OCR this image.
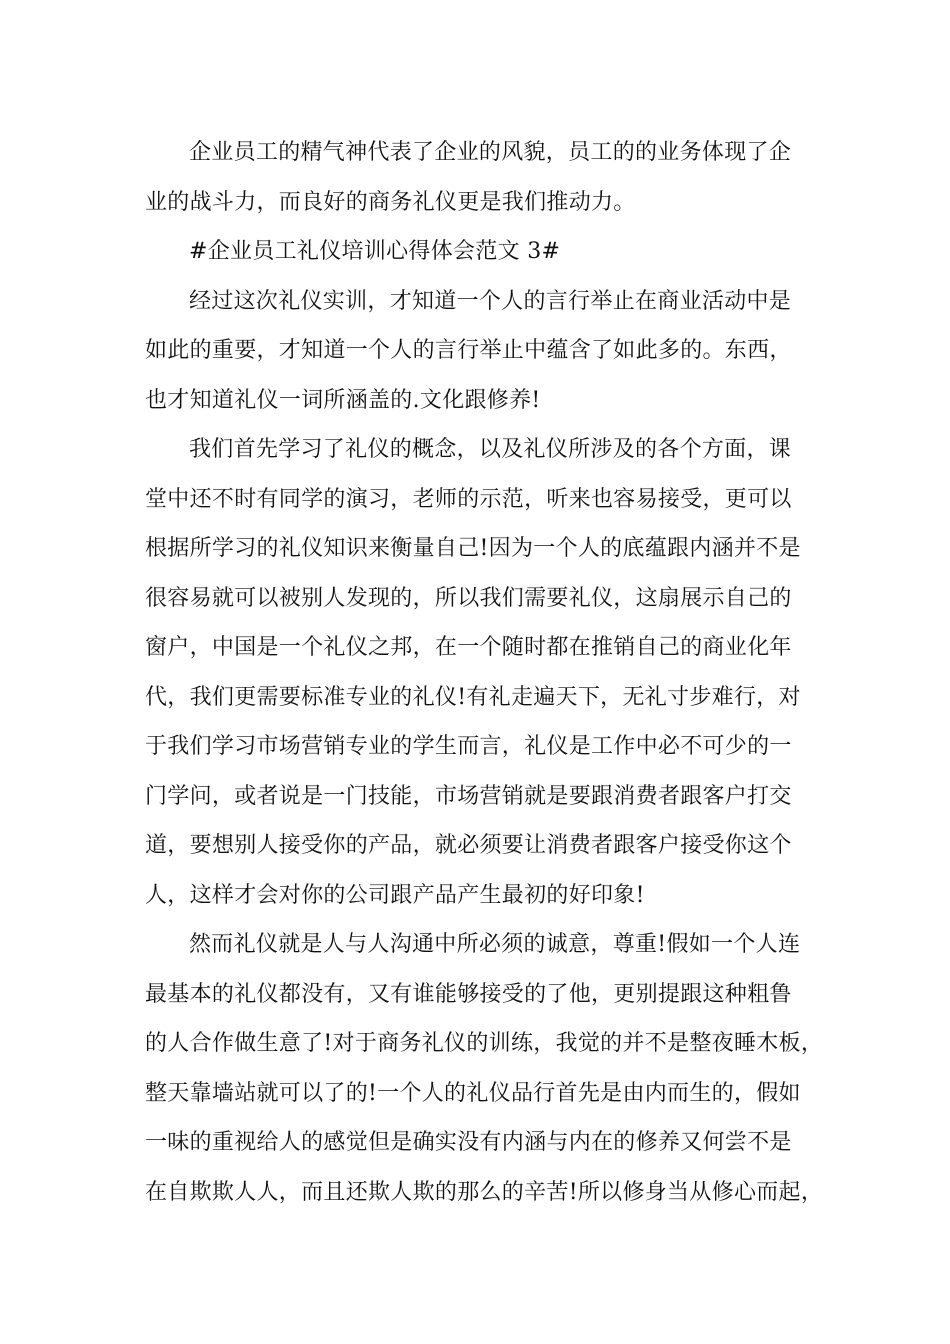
企业员工的精气神代表了企业的风貌，员工的的业务体现了企
业的战斗力，而良好的商务礼仪更是我们推动力。
#企业员工礼仪培训心得体会范文 3#
经过这次礼仪实训，才知道一个人的言行举止在商业活动中是
如此的重要，才知道一个人的言行举止中蕴含了如此多的。东西，
也才知道礼仪一词所涵盖的.文化跟修养!
我们首先学习了礼仪的概念，以及礼仪所涉及的各个方面，课
堂中还不时有同学的演习，老师的示范，听来也容易接受，更可以
根据所学习的礼仪知识来衡量自己!因为一个人的底蕴跟内涵并不是
很容易就可以被别人发现的，所以我们需要礼仪，这扇展示自己的
窗户，中国是一个礼仪之邦，在一个随时都在推销自己的商业化年
代，我们更需要标准专业的礼仪!有礼走遍天下，无礼寸步难行，对
于我们学习市场营销专业的学生而言，礼仪是工作中必不可少的一
门学问，或者说是一门技能，市场营销就是要跟消费者跟客户打交
道，要想别人接受你的产品，就必须要让消费者跟客户接受你这个
人，这样才会对你的公司跟产品产生最初的好印象!
然而礼仪就是人与人沟通中所必须的诚意，尊重!假如一个人连
最基本的礼仪都没有，又有谁能够接受的了他，更别提跟这种粗鲁
的人合作做生意了!对于商务礼仪的训练，我觉的并不是整夜睡木板，
整天靠墙站就可以了的!一个人的礼仪品行首先是由内而生的，假如
一味的重视给人的感觉但是确实没有内涵与内在的修养又何尝不是
在自欺欺人人，而且还欺人欺的那么的辛苦!所以修身当从修心而起，
